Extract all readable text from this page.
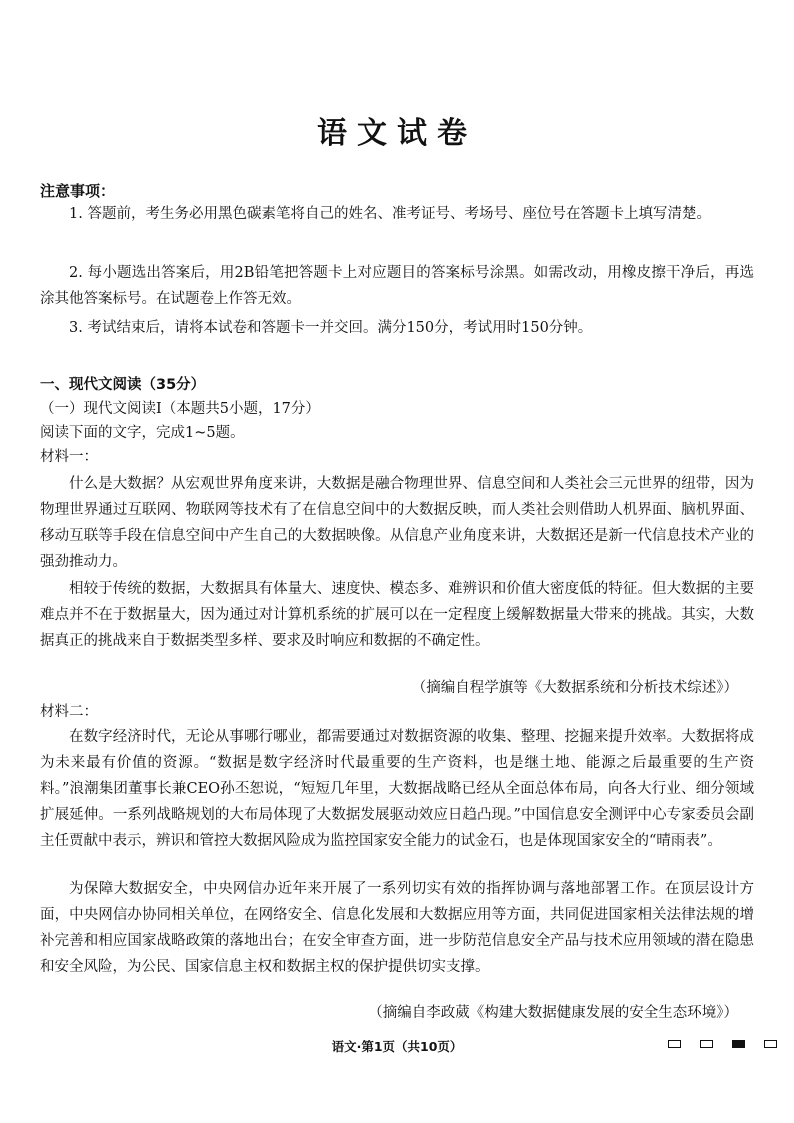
语文试卷
注意事项：

1. 答题前，考生务必用黑色碳素笔将自己的姓名、准考证号、考场号、座位号在答题卡上填写清楚。

2. 每小题选出答案后，用2B铅笔把答题卡上对应题目的答案标号涂黑。如需改动，用橡皮擦干净后，再选涂其他答案标号。在试题卷上作答无效。

3. 考试结束后，请将本试卷和答题卡一并交回。满分150分，考试用时150分钟。

一、现代文阅读（35分）
（一）现代文阅读Ⅰ（本题共5小题，17分）
阅读下面的文字，完成1~5题。
材料一：

什么是大数据？从宏观世界角度来讲，大数据是融合物理世界、信息空间和人类社会三元世界的纽带，因为物理世界通过互联网、物联网等技术有了在信息空间中的大数据反映，而人类社会则借助人机界面、脑机界面、移动互联等手段在信息空间中产生自己的大数据映像。从信息产业角度来讲，大数据还是新一代信息技术产业的强劲推动力。

相较于传统的数据，大数据具有体量大、速度快、模态多、难辨识和价值大密度低的特征。但大数据的主要难点并不在于数据量大，因为通过对计算机系统的扩展可以在一定程度上缓解数据量大带来的挑战。其实，大数据真正的挑战来自于数据类型多样、要求及时响应和数据的不确定性。

（摘编自程学旗等《大数据系统和分析技术综述》）
材料二：

在数字经济时代，无论从事哪行哪业，都需要通过对数据资源的收集、整理、挖掘来提升效率。大数据将成为未来最有价值的资源。“数据是数字经济时代最重要的生产资料，也是继土地、能源之后最重要的生产资料。”浪潮集团董事长兼CEO孙丕恕说，“短短几年里，大数据战略已经从全面总体布局，向各大行业、细分领域扩展延伸。一系列战略规划的大布局体现了大数据发展驱动效应日趋凸现。”中国信息安全测评中心专家委员会副主任贾献中表示，辨识和管控大数据风险成为监控国家安全能力的试金石，也是体现国家安全的“晴雨表”。

为保障大数据安全，中央网信办近年来开展了一系列切实有效的指挥协调与落地部署工作。在顶层设计方面，中央网信办协同相关单位，在网络安全、信息化发展和大数据应用等方面，共同促进国家相关法律法规的增补完善和相应国家战略政策的落地出台；在安全审查方面，进一步防范信息安全产品与技术应用领域的潜在隐患和安全风险，为公民、国家信息主权和数据主权的保护提供切实支撑。

（摘编自李政葳《构建大数据健康发展的安全生态环境》）
语文·第1页（共10页）
